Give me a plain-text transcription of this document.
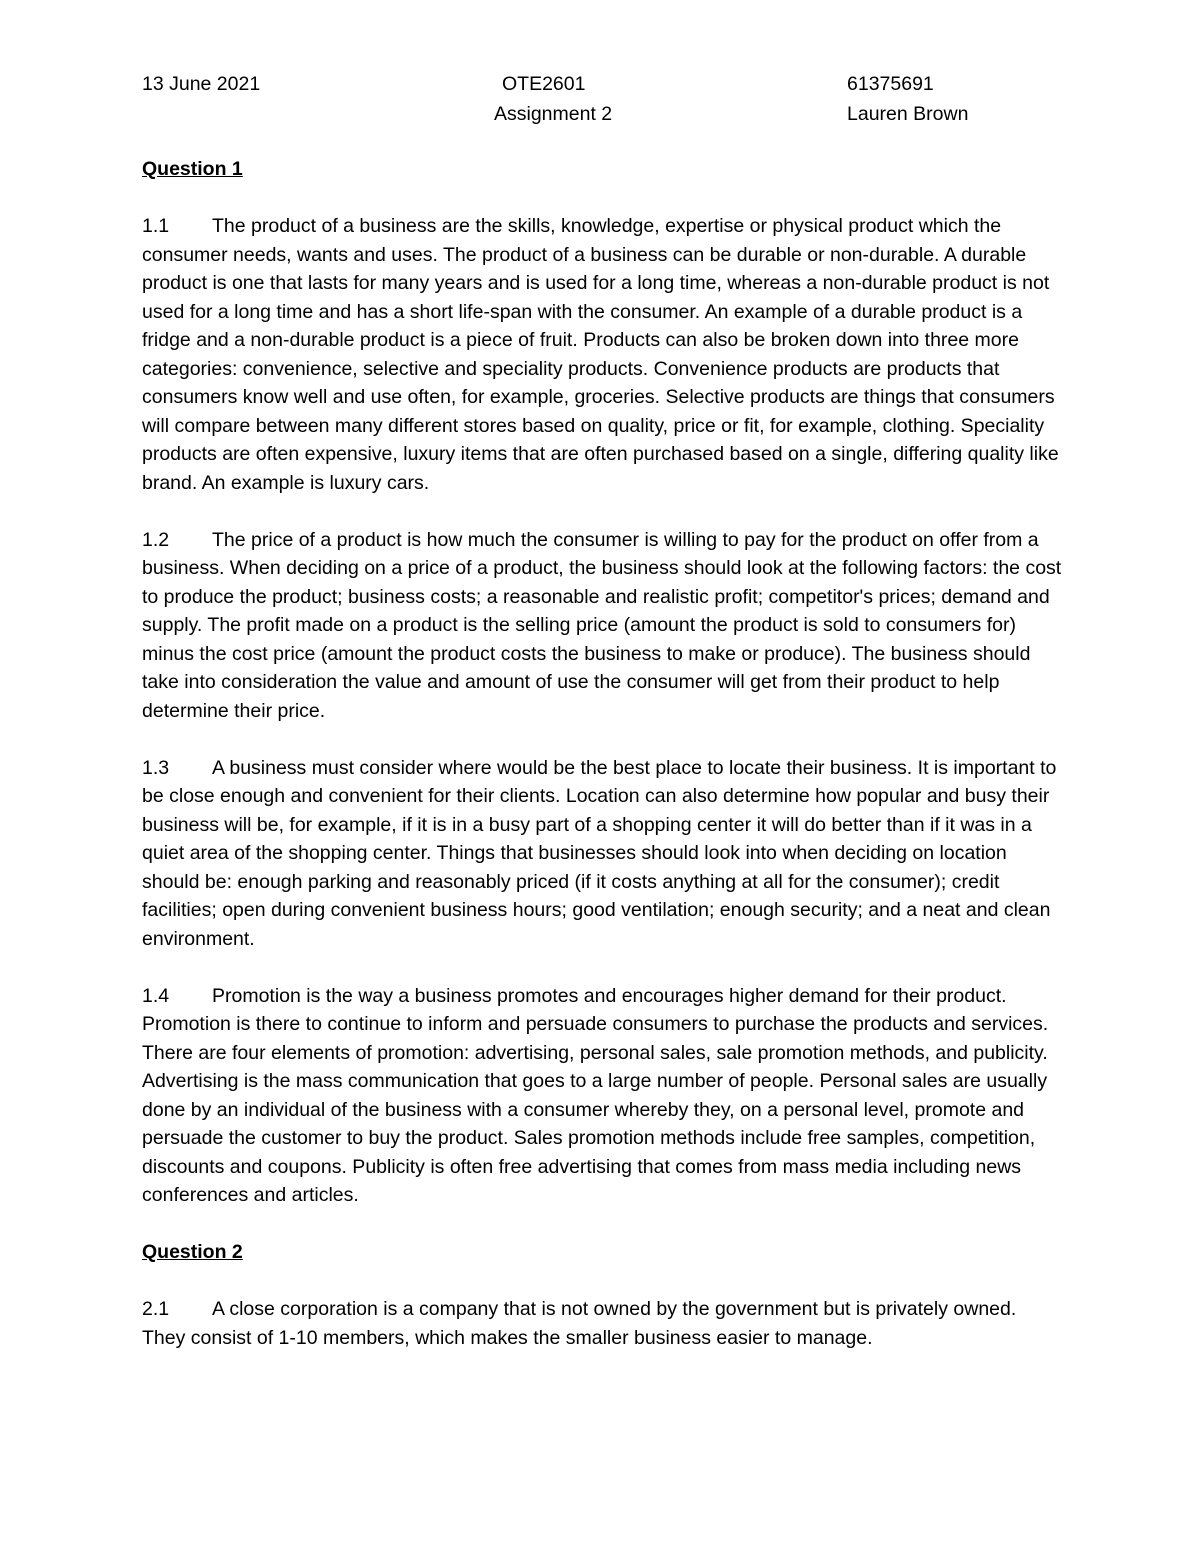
13 June 2021	OTE2601
Assignment 2
61375691
Lauren Brown
Question 1

1.1 The product of a business are the skills, knowledge, expertise or physical product which the consumer needs, wants and uses. The product of a business can be durable or non-durable. A durable product is one that lasts for many years and is used for a long time, whereas a non-durable product is not used for a long time and has a short life-span with the consumer. An example of a durable product is a fridge and a non-durable product is a piece of fruit. Products can also be broken down into three more categories: convenience, selective and speciality products. Convenience products are products that consumers know well and use often, for example, groceries. Selective products are things that consumers will compare between many different stores based on quality, price or fit, for example, clothing. Speciality products are often expensive, luxury items that are often purchased based on a single, differing quality like brand. An example is luxury cars.

1.2 The price of a product is how much the consumer is willing to pay for the product on offer from a business. When deciding on a price of a product, the business should look at the following factors: the cost to produce the product; business costs; a reasonable and realistic profit; competitor's prices; demand and supply. The profit made on a product is the selling price (amount the product is sold to consumers for) minus the cost price (amount the product costs the business to make or produce). The business should take into consideration the value and amount of use the consumer will get from their product to help determine their price.

1.3 A business must consider where would be the best place to locate their business. It is important to be close enough and convenient for their clients. Location can also determine how popular and busy their business will be, for example, if it is in a busy part of a shopping center it will do better than if it was in a quiet area of the shopping center. Things that businesses should look into when deciding on location should be: enough parking and reasonably priced (if it costs anything at all for the consumer); credit facilities; open during convenient business hours; good ventilation; enough security; and a neat and clean environment.

1.4 Promotion is the way a business promotes and encourages higher demand for their product. Promotion is there to continue to inform and persuade consumers to purchase the products and services. There are four elements of promotion: advertising, personal sales, sale promotion methods, and publicity. Advertising is the mass communication that goes to a large number of people. Personal sales are usually done by an individual of the business with a consumer whereby they, on a personal level, promote and persuade the customer to buy the product. Sales promotion methods include free samples, competition, discounts and coupons. Publicity is often free advertising that comes from mass media including news conferences and articles.

Question 2

2.1 A close corporation is a company that is not owned by the government but is privately owned. They consist of 1-10 members, which makes the smaller business easier to manage.
